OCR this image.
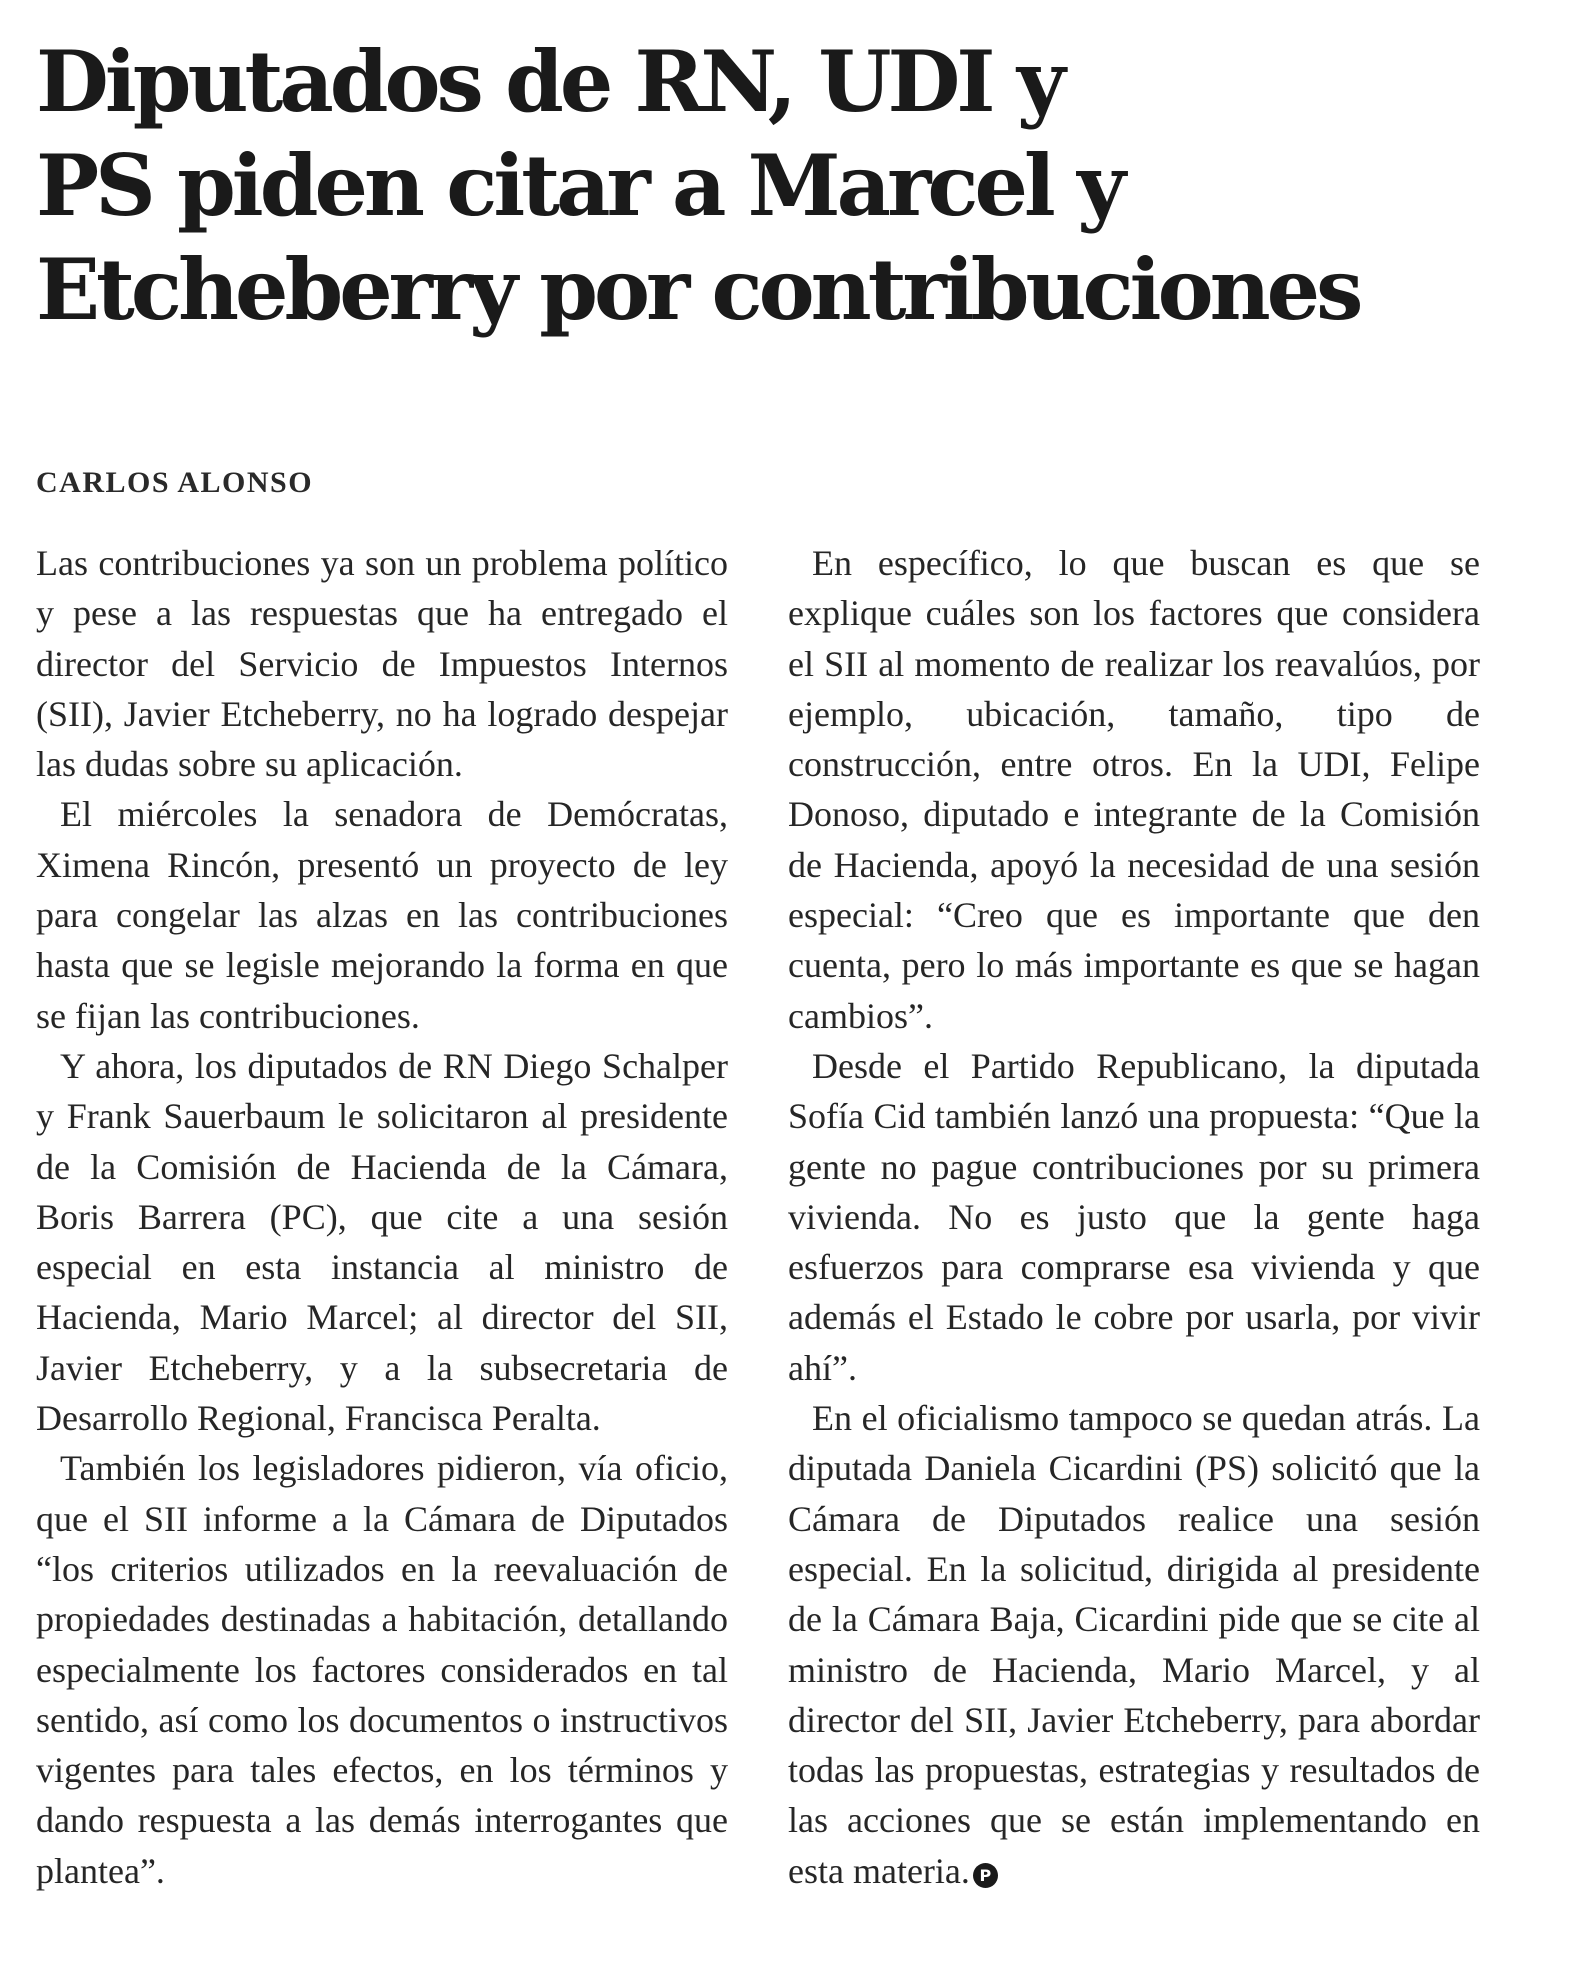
Diputados de RN, UDI y
PS piden citar a Marcel y
Etcheberry por contribuciones
CARLOS ALONSO

Las contribuciones ya son un problema político y pese a las respuestas que ha entregado el director del Servicio de Impuestos Internos (SII), Javier Etcheberry, no ha logrado despejar las dudas sobre su aplicación.

El miércoles la senadora de Demócratas, Ximena Rincón, presentó un proyecto de ley para congelar las alzas en las contribuciones hasta que se legisle mejorando la forma en que se fijan las contribuciones.

Y ahora, los diputados de RN Diego Schalper y Frank Sauerbaum le solicitaron al presidente de la Comisión de Hacienda de la Cámara, Boris Barrera (PC), que cite a una sesión especial en esta instancia al ministro de Hacienda, Mario Marcel; al director del SII, Javier Etcheberry, y a la subsecretaria de Desarrollo Regional, Francisca Peralta.

También los legisladores pidieron, vía oficio, que el SII informe a la Cámara de Diputados “los criterios utilizados en la reevaluación de propiedades destinadas a habitación, detallando especialmente los factores considerados en tal sentido, así como los documentos o instructivos vigentes para tales efectos, en los términos y dando respuesta a las demás interrogantes que plantea”.

En específico, lo que buscan es que se explique cuáles son los factores que considera el SII al momento de realizar los reavalúos, por ejemplo, ubicación, tamaño, tipo de construcción, entre otros. En la UDI, Felipe Donoso, diputado e integrante de la Comisión de Hacienda, apoyó la necesidad de una sesión especial: “Creo que es importante que den cuenta, pero lo más importante es que se hagan cambios”.

Desde el Partido Republicano, la diputada Sofía Cid también lanzó una propuesta: “Que la gente no pague contribuciones por su primera vivienda. No es justo que la gente haga esfuerzos para comprarse esa vivienda y que además el Estado le cobre por usarla, por vivir ahí”.

En el oficialismo tampoco se quedan atrás. La diputada Daniela Cicardini (PS) solicitó que la Cámara de Diputados realice una sesión especial. En la solicitud, dirigida al presidente de la Cámara Baja, Cicardini pide que se cite al ministro de Hacienda, Mario Marcel, y al director del SII, Javier Etcheberry, para abordar todas las propuestas, estrategias y resultados de las acciones que se están implementando en esta materia. P
